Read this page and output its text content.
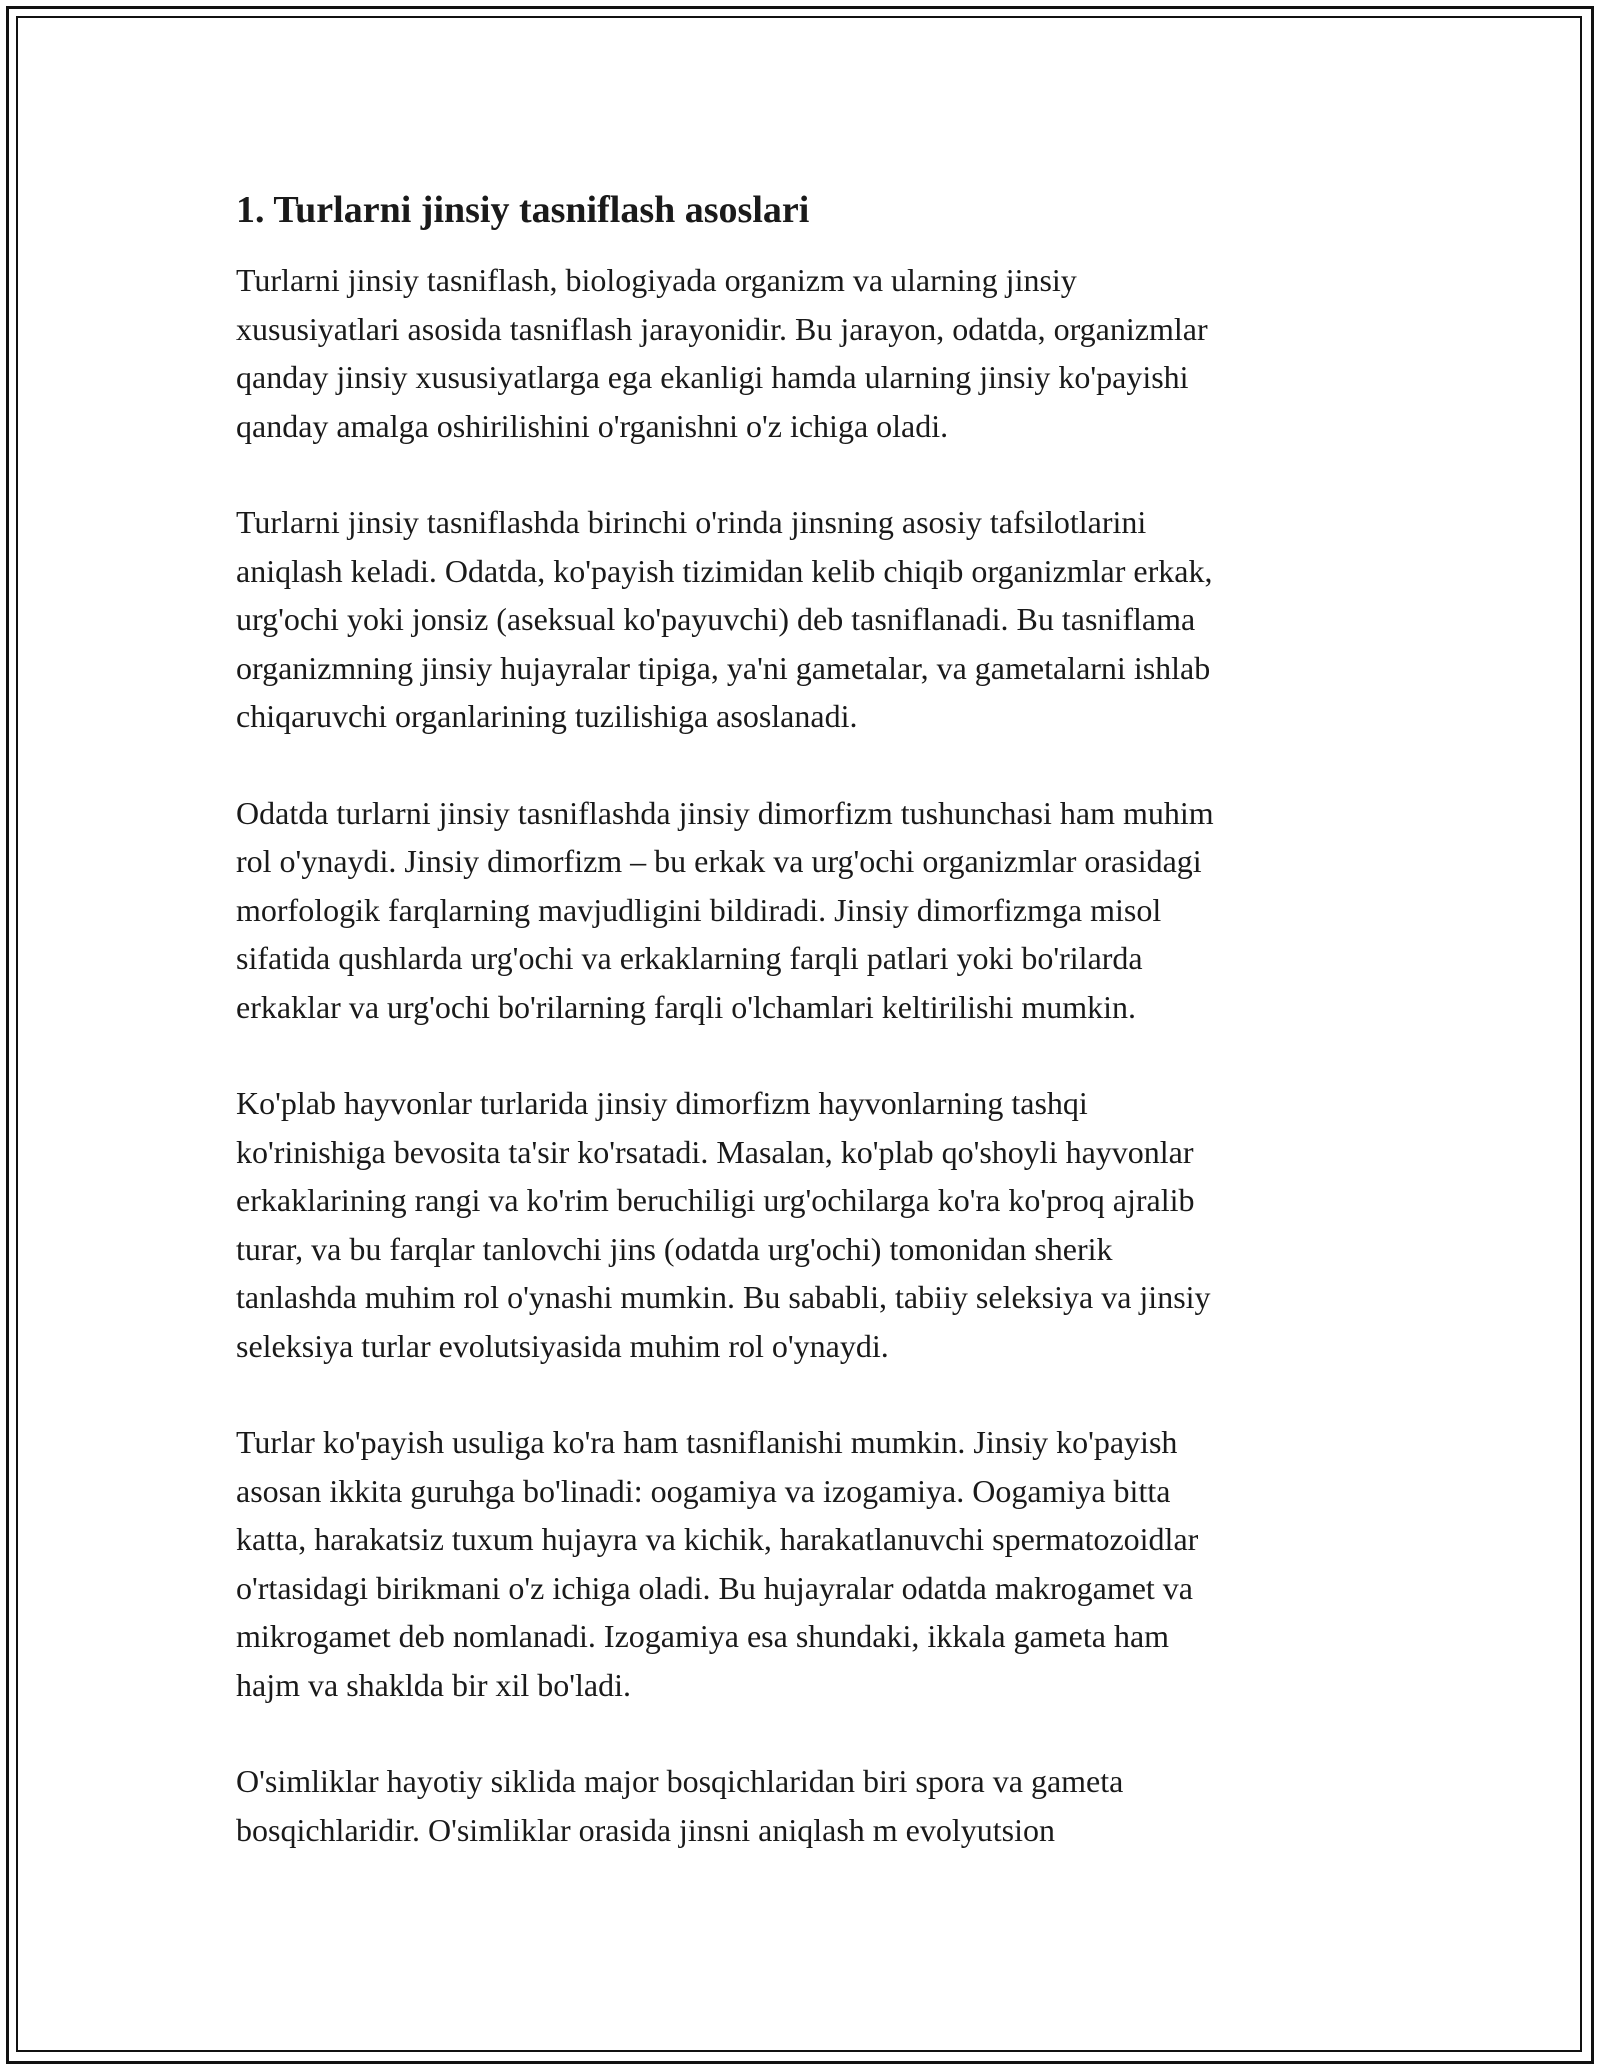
1. Turlarni jinsiy tasniflash asoslari
Turlarni jinsiy tasniflash, biologiyada organizm va ularning jinsiy
xususiyatlari asosida tasniflash jarayonidir. Bu jarayon, odatda, organizmlar
qanday jinsiy xususiyatlarga ega ekanligi hamda ularning jinsiy ko'payishi
qanday amalga oshirilishini o'rganishni o'z ichiga oladi.
Turlarni jinsiy tasniflashda birinchi o'rinda jinsning asosiy tafsilotlarini
aniqlash keladi. Odatda, ko'payish tizimidan kelib chiqib organizmlar erkak,
urg'ochi yoki jonsiz (aseksual ko'payuvchi) deb tasniflanadi. Bu tasniflama
organizmning jinsiy hujayralar tipiga, ya'ni gametalar, va gametalarni ishlab
chiqaruvchi organlarining tuzilishiga asoslanadi.
Odatda turlarni jinsiy tasniflashda jinsiy dimorfizm tushunchasi ham muhim
rol o'ynaydi. Jinsiy dimorfizm – bu erkak va urg'ochi organizmlar orasidagi
morfologik farqlarning mavjudligini bildiradi. Jinsiy dimorfizmga misol
sifatida qushlarda urg'ochi va erkaklarning farqli patlari yoki bo'rilarda
erkaklar va urg'ochi bo'rilarning farqli o'lchamlari keltirilishi mumkin.
Ko'plab hayvonlar turlarida jinsiy dimorfizm hayvonlarning tashqi
ko'rinishiga bevosita ta'sir ko'rsatadi. Masalan, ko'plab qo'shoyli hayvonlar
erkaklarining rangi va ko'rim beruchiligi urg'ochilarga ko'ra ko'proq ajralib
turar, va bu farqlar tanlovchi jins (odatda urg'ochi) tomonidan sherik
tanlashda muhim rol o'ynashi mumkin. Bu sababli, tabiiy seleksiya va jinsiy
seleksiya turlar evolutsiyasida muhim rol o'ynaydi.
Turlar ko'payish usuliga ko'ra ham tasniflanishi mumkin. Jinsiy ko'payish
asosan ikkita guruhga bo'linadi: oogamiya va izogamiya. Oogamiya bitta
katta, harakatsiz tuxum hujayra va kichik, harakatlanuvchi spermatozoidlar
o'rtasidagi birikmani o'z ichiga oladi. Bu hujayralar odatda makrogamet va
mikrogamet deb nomlanadi. Izogamiya esa shundaki, ikkala gameta ham
hajm va shaklda bir xil bo'ladi.
O'simliklar hayotiy siklida major bosqichlaridan biri spora va gameta
bosqichlaridir. O'simliklar orasida jinsni aniqlash m evolyutsion
